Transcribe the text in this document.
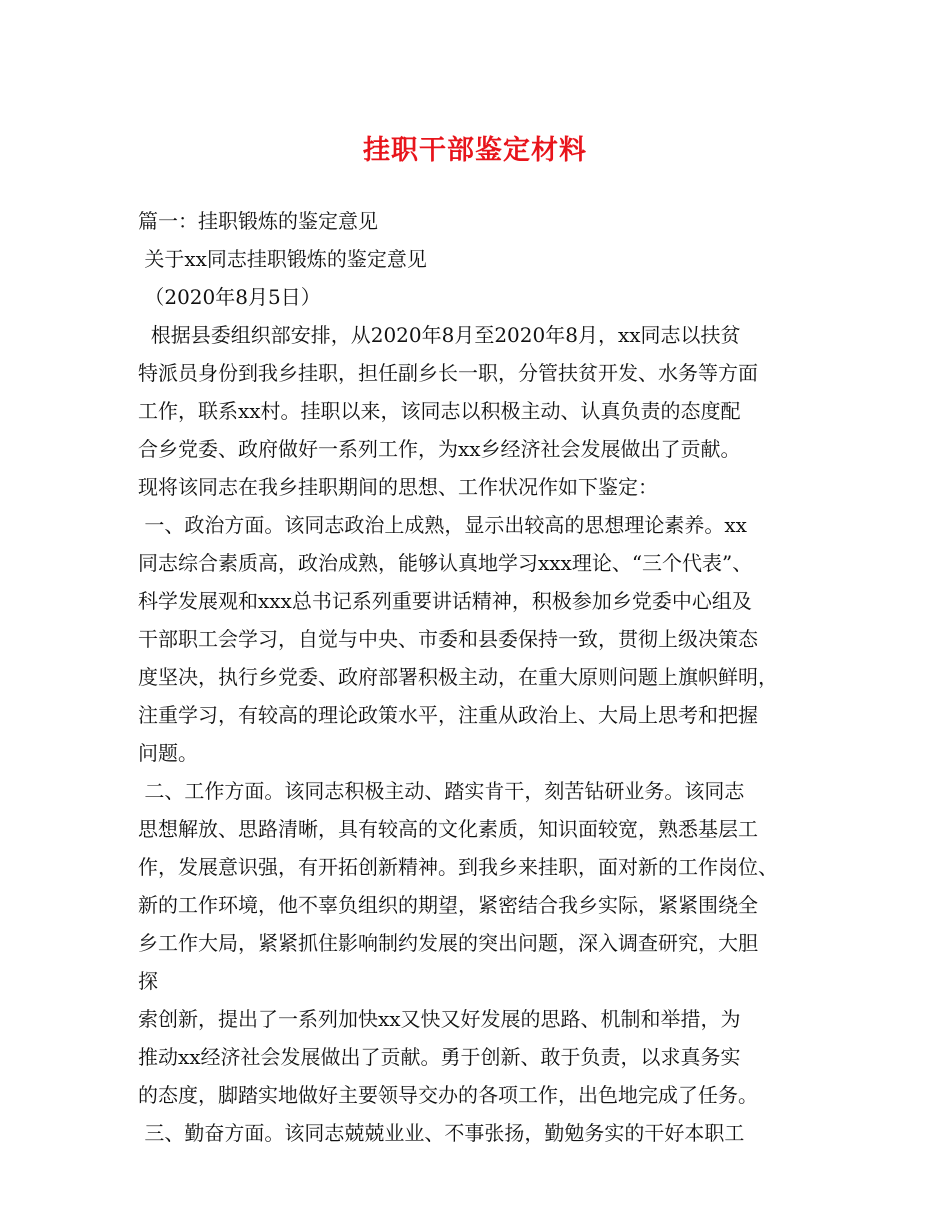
挂职干部鉴定材料
篇一：挂职锻炼的鉴定意见
关于xx同志挂职锻炼的鉴定意见
（2020年8月5日）
根据县委组织部安排，从2020年8月至2020年8月，xx同志以扶贫
特派员身份到我乡挂职，担任副乡长一职，分管扶贫开发、水务等方面
工作，联系xx村。挂职以来，该同志以积极主动、认真负责的态度配
合乡党委、政府做好一系列工作，为xx乡经济社会发展做出了贡献。
现将该同志在我乡挂职期间的思想、工作状况作如下鉴定：
一、政治方面。该同志政治上成熟，显示出较高的思想理论素养。xx
同志综合素质高，政治成熟，能够认真地学习xxx理论、“三个代表”、
科学发展观和xxx总书记系列重要讲话精神，积极参加乡党委中心组及
干部职工会学习，自觉与中央、市委和县委保持一致，贯彻上级决策态
度坚决，执行乡党委、政府部署积极主动，在重大原则问题上旗帜鲜明，
注重学习，有较高的理论政策水平，注重从政治上、大局上思考和把握
问题。
二、工作方面。该同志积极主动、踏实肯干，刻苦钻研业务。该同志
思想解放、思路清晰，具有较高的文化素质，知识面较宽，熟悉基层工
作，发展意识强，有开拓创新精神。到我乡来挂职，面对新的工作岗位、
新的工作环境，他不辜负组织的期望，紧密结合我乡实际，紧紧围绕全
乡工作大局，紧紧抓住影响制约发展的突出问题，深入调查研究，大胆
探
索创新，提出了一系列加快xx又快又好发展的思路、机制和举措，为
推动xx经济社会发展做出了贡献。勇于创新、敢于负责，以求真务实
的态度，脚踏实地做好主要领导交办的各项工作，出色地完成了任务。
三、勤奋方面。该同志兢兢业业、不事张扬，勤勉务实的干好本职工
